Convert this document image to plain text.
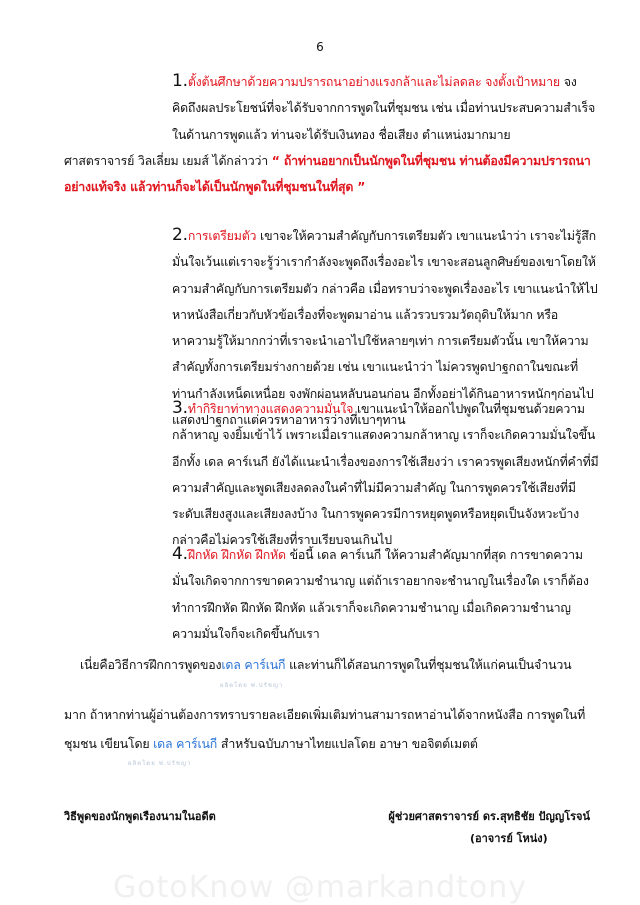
6

1.ตั้งต้นศึกษาด้วยความปรารถนาอย่างแรงกล้าและไม่ลดละ จงตั้งเป้าหมาย จงคิดถึงผลประโยชน์ที่จะได้รับจากการพูดในที่ชุมชน เช่น เมื่อท่านประสบความสำเร็จในด้านการพูดแล้ว ท่านจะได้รับเงินทอง ชื่อเสียง ตำแหน่งมากมาย

ศาสตราจารย์ วิลเลี่ยม เยมส์ ได้กล่าวว่า “ ถ้าท่านอยากเป็นนักพูดในที่ชุมชน ท่านต้องมีความปรารถนาอย่างแท้จริง แล้วท่านก็จะได้เป็นนักพูดในที่ชุมชนในที่สุด ”

2.การเตรียมตัว เขาจะให้ความสำคัญกับการเตรียมตัว เขาแนะนำว่า เราจะไม่รู้สึกมั่นใจเว้นแต่เราจะรู้ว่าเรากำลังจะพูดถึงเรื่องอะไร เขาจะสอนลูกศิษย์ของเขาโดยให้ความสำคัญกับการเตรียมตัว กล่าวคือ เมื่อทราบว่าจะพูดเรื่องอะไร เขาแนะนำให้ไปหาหนังสือเกี่ยวกับหัวข้อเรื่องที่จะพูดมาอ่าน แล้วรวบรวมวัตถุดิบให้มาก หรือหาความรู้ให้มากกว่าที่เราจะนำเอาไปใช้หลายๆเท่า การเตรียมตัวนั้น เขาให้ความสำคัญทั้งการเตรียมร่างกายด้วย เช่น เขาแนะนำว่า ไม่ควรพูดปาฐกถาในขณะที่ท่านกำลังเหน็ดเหนื่อย จงพักผ่อนหลับนอนก่อน อีกทั้งอย่าได้กินอาหารหนักๆก่อนไปแสดงปาฐกถาแต่ควรหาอาหารว่างที่เบาๆทาน

3.ทำกิริยาท่าทางแสดงความมั่นใจ เขาแนะนำให้ออกไปพูดในที่ชุมชนด้วยความกล้าหาญ จงยิ้มเข้าไว้ เพราะเมื่อเราแสดงความกล้าหาญ เราก็จะเกิดความมั่นใจขึ้น อีกทั้ง เดล คาร์เนกี ยังได้แนะนำเรื่องของการใช้เสียงว่า เราควรพูดเสียงหนักที่คำที่มีความสำคัญและพูดเสียงลดลงในคำที่ไม่มีความสำคัญ ในการพูดควรใช้เสียงที่มีระดับเสียงสูงและเสียงลงบ้าง ในการพูดควรมีการหยุดพูดหรือหยุดเป็นจังหวะบ้าง กล่าวคือไม่ควรใช้เสียงที่ราบเรียบจนเกินไป

4.ฝึกหัด ฝึกหัด ฝึกหัด ข้อนี้ เดล คาร์เนกี ให้ความสำคัญมากที่สุด การขาดความมั่นใจเกิดจากการขาดความชำนาญ แต่ถ้าเราอยากจะชำนาญในเรื่องใด เราก็ต้องทำการฝึกหัด ฝึกหัด ฝึกหัด แล้วเราก็จะเกิดความชำนาญ เมื่อเกิดความชำนาญความมั่นใจก็จะเกิดขึ้นกับเรา

เนี่ยคือวิธีการฝึกการพูดของเดล คาร์เนกี และท่านก็ได้สอนการพูดในที่ชุมชนให้แก่คนเป็นจำนวน
ผลิตโดย ฟ.ปรัชญา
มาก ถ้าหากท่านผู้อ่านต้องการทราบรายละเอียดเพิ่มเติมท่านสามารถหาอ่านได้จากหนังสือ การพูดในที่
ชุมชน เขียนโดย เดล คาร์เนกี สำหรับฉบับภาษาไทยแปลโดย อาษา ขอจิตต์เมตต์
ผลิตโดย ฟ.ปรัชญา
วิธีพูดของนักพูดเรืองนามในอดีต	ผู้ช่วยศาสตราจารย์ ดร.สุทธิชัย ปัญญโรจน์
(อาจารย์ โหน่ง)
GotoKnow @markandtony
